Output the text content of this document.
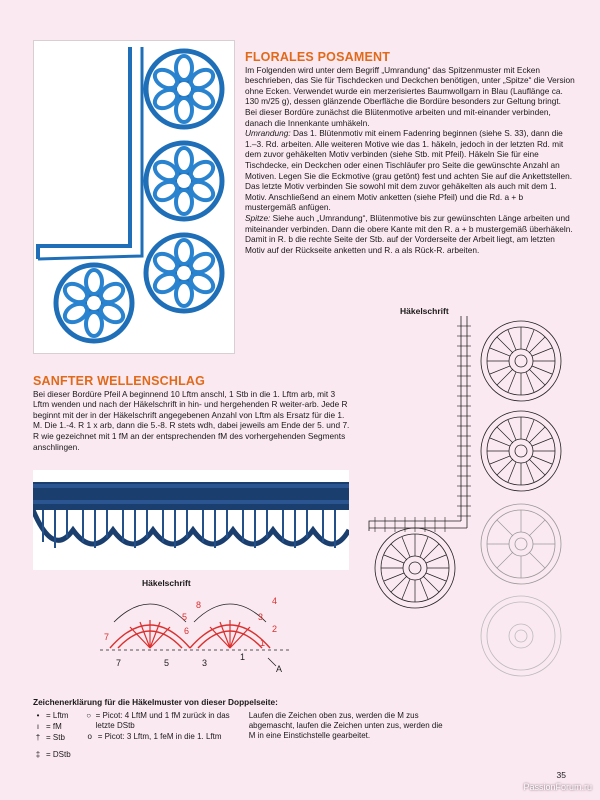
FLORALES POSAMENT

Im Folgenden wird unter dem Begriff „Umrandung“ das Spitzenmuster mit Ecken beschrieben, das Sie für Tischdecken und Deckchen benötigen, unter „Spitze“ die Version ohne Ecken. Verwendet wurde ein merzerisiertes Baumwollgarn in Blau (Lauflänge ca. 130 m/25 g), dessen glänzende Oberfläche die Bordüre besonders zur Geltung bringt. Bei dieser Bordüre zunächst die Blütenmotive arbeiten und mit-einander verbinden, danach die Innenkante umhäkeln.

Umrandung: Das 1. Blütenmotiv mit einem Fadenring beginnen (siehe S. 33), dann die 1.–3. Rd. arbeiten. Alle weiteren Motive wie das 1. häkeln, jedoch in der letzten Rd. mit dem zuvor gehäkelten Motiv verbinden (siehe Stb. mit Pfeil). Häkeln Sie für eine Tischdecke, ein Deckchen oder einen Tischläufer pro Seite die gewünschte Anzahl an Motiven. Legen Sie die Eckmotive (grau getönt) fest und achten Sie auf die Ankettstellen. Das letzte Motiv verbinden Sie sowohl mit dem zuvor gehäkelten als auch mit dem 1. Motiv. Anschließend an einem Motiv anketten (siehe Pfeil) und die Rd. a + b mustergemäß anfügen.

Spitze: Siehe auch „Umrandung“, Blütenmotive bis zur gewünschten Länge arbeiten und miteinander verbinden. Dann die obere Kante mit den R. a + b mustergemäß überhäkeln. Damit in R. b die rechte Seite der Stb. auf der Vorderseite der Arbeit liegt, am letzten Motiv auf der Rückseite anketten und R. a als Rück-R. arbeiten.

Häkelschrift
SANFTER WELLENSCHLAG

Bei dieser Bordüre Pfeil A beginnend 10 Lftm anschl, 1 Stb in die 1. Lftm arb, mit 3 Lftm wenden und nach der Häkelschrift in hin- und hergehenden R weiter-arb. Jede R beginnt mit der in der Häkelschrift angegebenen Anzahl von Lftm als Ersatz für die 1. M. Die 1.-4. R 1 x arb, dann die 5.-8. R stets wdh, dabei jeweils am Ende der 5. und 7. R wie gezeichnet mit 1 fM an der entsprechenden fM des vorhergehenden Segments anschlingen.

Häkelschrift
8
7
6
5
4
3
2
1
7	5	3
1
A
Zeichenerklärung für die Häkelmuster von dieser Doppelseite:
• = Lftm
ı = fM
† = Stb
‡ = DStb
○ = Picot: 4 LftM und 1 fM zurück in das letzte DStb
o = Picot: 3 Lftm, 1 feM in die 1. Lftm
Laufen die Zeichen oben zus, werden die M zus abgemascht, laufen die Zeichen unten zus, werden die M in eine Einstichstelle gearbeitet.
35
PassionForum.ru
